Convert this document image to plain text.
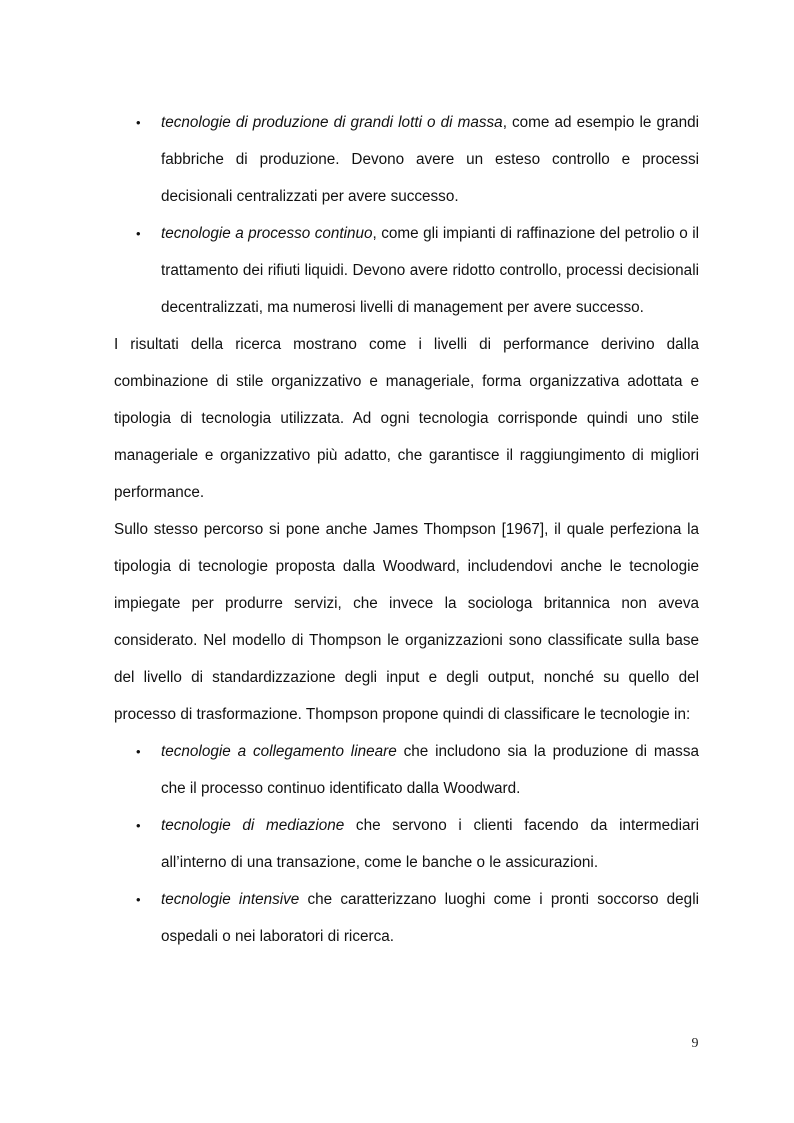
• tecnologie di produzione di grandi lotti o di massa, come ad esempio le grandi fabbriche di produzione. Devono avere un esteso controllo e processi decisionali centralizzati per avere successo.
• tecnologie a processo continuo, come gli impianti di raffinazione del petrolio o il trattamento dei rifiuti liquidi. Devono avere ridotto controllo, processi decisionali decentralizzati, ma numerosi livelli di management per avere successo.

I risultati della ricerca mostrano come i livelli di performance derivino dalla combinazione di stile organizzativo e manageriale, forma organizzativa adottata e tipologia di tecnologia utilizzata. Ad ogni tecnologia corrisponde quindi uno stile manageriale e organizzativo più adatto, che garantisce il raggiungimento di migliori performance.

Sullo stesso percorso si pone anche James Thompson [1967], il quale perfeziona la tipologia di tecnologie proposta dalla Woodward, includendovi anche le tecnologie impiegate per produrre servizi, che invece la sociologa britannica non aveva considerato. Nel modello di Thompson le organizzazioni sono classificate sulla base del livello di standardizzazione degli input e degli output, nonché su quello del processo di trasformazione. Thompson propone quindi di classificare le tecnologie in:

• tecnologie a collegamento lineare che includono sia la produzione di massa che il processo continuo identificato dalla Woodward.
• tecnologie di mediazione che servono i clienti facendo da intermediari all’interno di una transazione, come le banche o le assicurazioni.
• tecnologie intensive che caratterizzano luoghi come i pronti soccorso degli ospedali o nei laboratori di ricerca.
9
